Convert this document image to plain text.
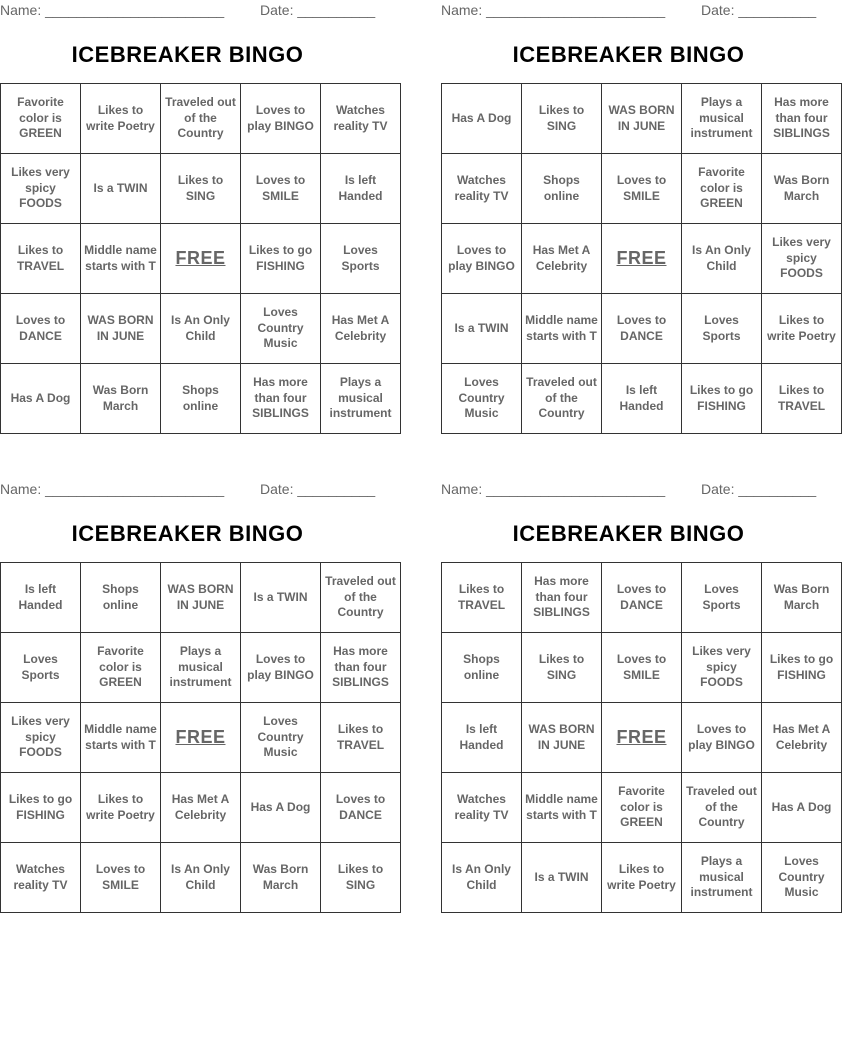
Name: _______________________	Date: __________
ICEBREAKER BINGO
Favorite color is GREEN	Likes to write Poetry	Traveled out of the Country	Loves to play BINGO	Watches reality TV
Likes very spicy FOODS	Is a TWIN	Likes to SING	Loves to SMILE	Is left Handed
Likes to TRAVEL	Middle name starts with T	FREE	Likes to go FISHING	Loves Sports
Loves to DANCE	WAS BORN IN JUNE	Is An Only Child	Loves Country Music	Has Met A Celebrity
Has A Dog	Was Born March	Shops online	Has more than four SIBLINGS	Plays a musical instrument
Name: _______________________	Date: __________
ICEBREAKER BINGO
Has A Dog	Likes to SING	WAS BORN IN JUNE	Plays a musical instrument	Has more than four SIBLINGS
Watches reality TV	Shops online	Loves to SMILE	Favorite color is GREEN	Was Born March
Loves to play BINGO	Has Met A Celebrity	FREE	Is An Only Child	Likes very spicy FOODS
Is a TWIN	Middle name starts with T	Loves to DANCE	Loves Sports	Likes to write Poetry
Loves Country Music	Traveled out of the Country	Is left Handed	Likes to go FISHING	Likes to TRAVEL
Name: _______________________	Date: __________
ICEBREAKER BINGO
Is left Handed	Shops online	WAS BORN IN JUNE	Is a TWIN	Traveled out of the Country
Loves Sports	Favorite color is GREEN	Plays a musical instrument	Loves to play BINGO	Has more than four SIBLINGS
Likes very spicy FOODS	Middle name starts with T	FREE	Loves Country Music	Likes to TRAVEL
Likes to go FISHING	Likes to write Poetry	Has Met A Celebrity	Has A Dog	Loves to DANCE
Watches reality TV	Loves to SMILE	Is An Only Child	Was Born March	Likes to SING
Name: _______________________	Date: __________
ICEBREAKER BINGO
Likes to TRAVEL	Has more than four SIBLINGS	Loves to DANCE	Loves Sports	Was Born March
Shops online	Likes to SING	Loves to SMILE	Likes very spicy FOODS	Likes to go FISHING
Is left Handed	WAS BORN IN JUNE	FREE	Loves to play BINGO	Has Met A Celebrity
Watches reality TV	Middle name starts with T	Favorite color is GREEN	Traveled out of the Country	Has A Dog
Is An Only Child	Is a TWIN	Likes to write Poetry	Plays a musical instrument	Loves Country Music
